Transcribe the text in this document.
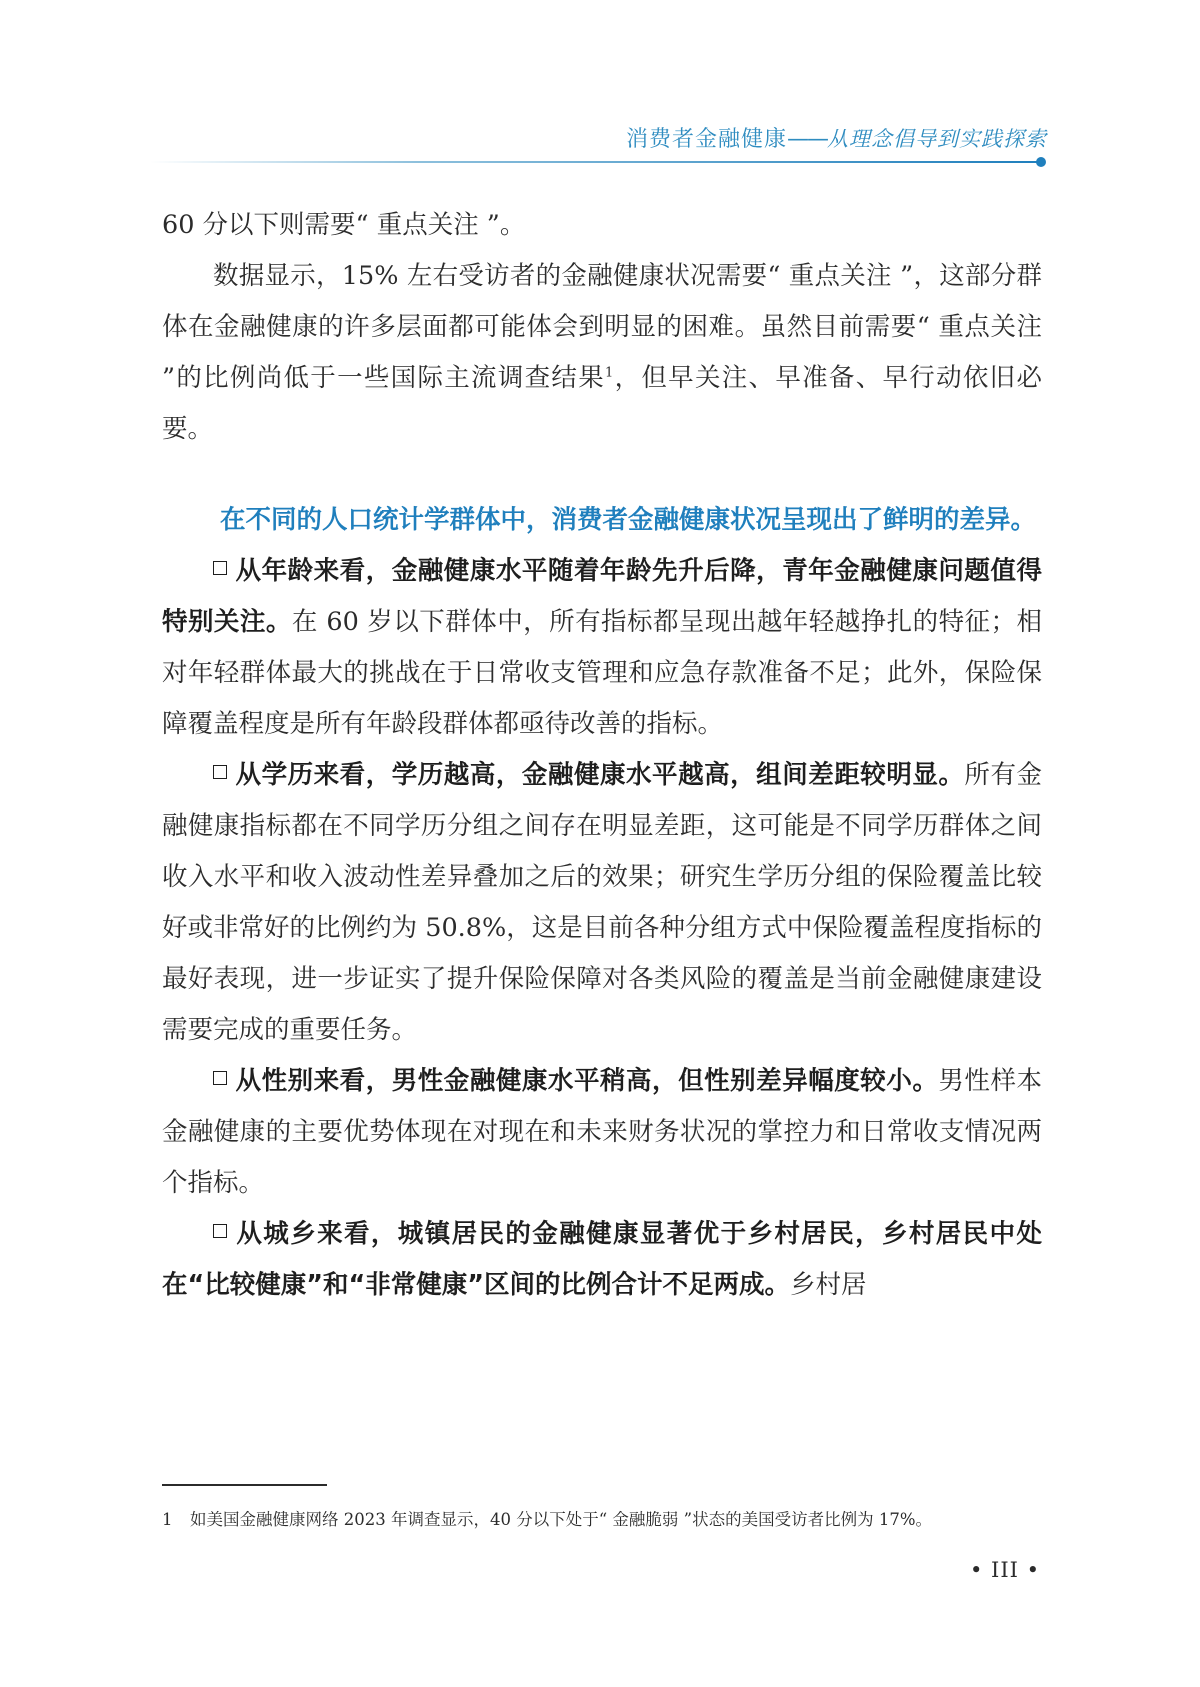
消费者金融健康——从理念倡导到实践探索

60 分以下则需要“ 重点关注 ”。

数据显示，15% 左右受访者的金融健康状况需要“ 重点关注 ”，这部分群体在金融健康的许多层面都可能体会到明显的困难。虽然目前需要“ 重点关注 ”的比例尚低于一些国际主流调查结果$^1$，但早关注、早准备、早行动依旧必要。

在不同的人口统计学群体中，消费者金融健康状况呈现出了鲜明的差异。

从年龄来看，金融健康水平随着年龄先升后降，青年金融健康问题值得特别关注。在 60 岁以下群体中，所有指标都呈现出越年轻越挣扎的特征；相对年轻群体最大的挑战在于日常收支管理和应急存款准备不足；此外，保险保障覆盖程度是所有年龄段群体都亟待改善的指标。

从学历来看，学历越高，金融健康水平越高，组间差距较明显。所有金融健康指标都在不同学历分组之间存在明显差距，这可能是不同学历群体之间收入水平和收入波动性差异叠加之后的效果；研究生学历分组的保险覆盖比较好或非常好的比例约为 50.8%，这是目前各种分组方式中保险覆盖程度指标的最好表现，进一步证实了提升保险保障对各类风险的覆盖是当前金融健康建设需要完成的重要任务。

从性别来看，男性金融健康水平稍高，但性别差异幅度较小。男性样本金融健康的主要优势体现在对现在和未来财务状况的掌控力和日常收支情况两个指标。

从城乡来看，城镇居民的金融健康显著优于乡村居民，乡村居民中处在“比较健康”和“非常健康”区间的比例合计不足两成。乡村居

1 如美国金融健康网络 2023 年调查显示，40 分以下处于“ 金融脆弱 ”状态的美国受访者比例为 17%。
• III •
